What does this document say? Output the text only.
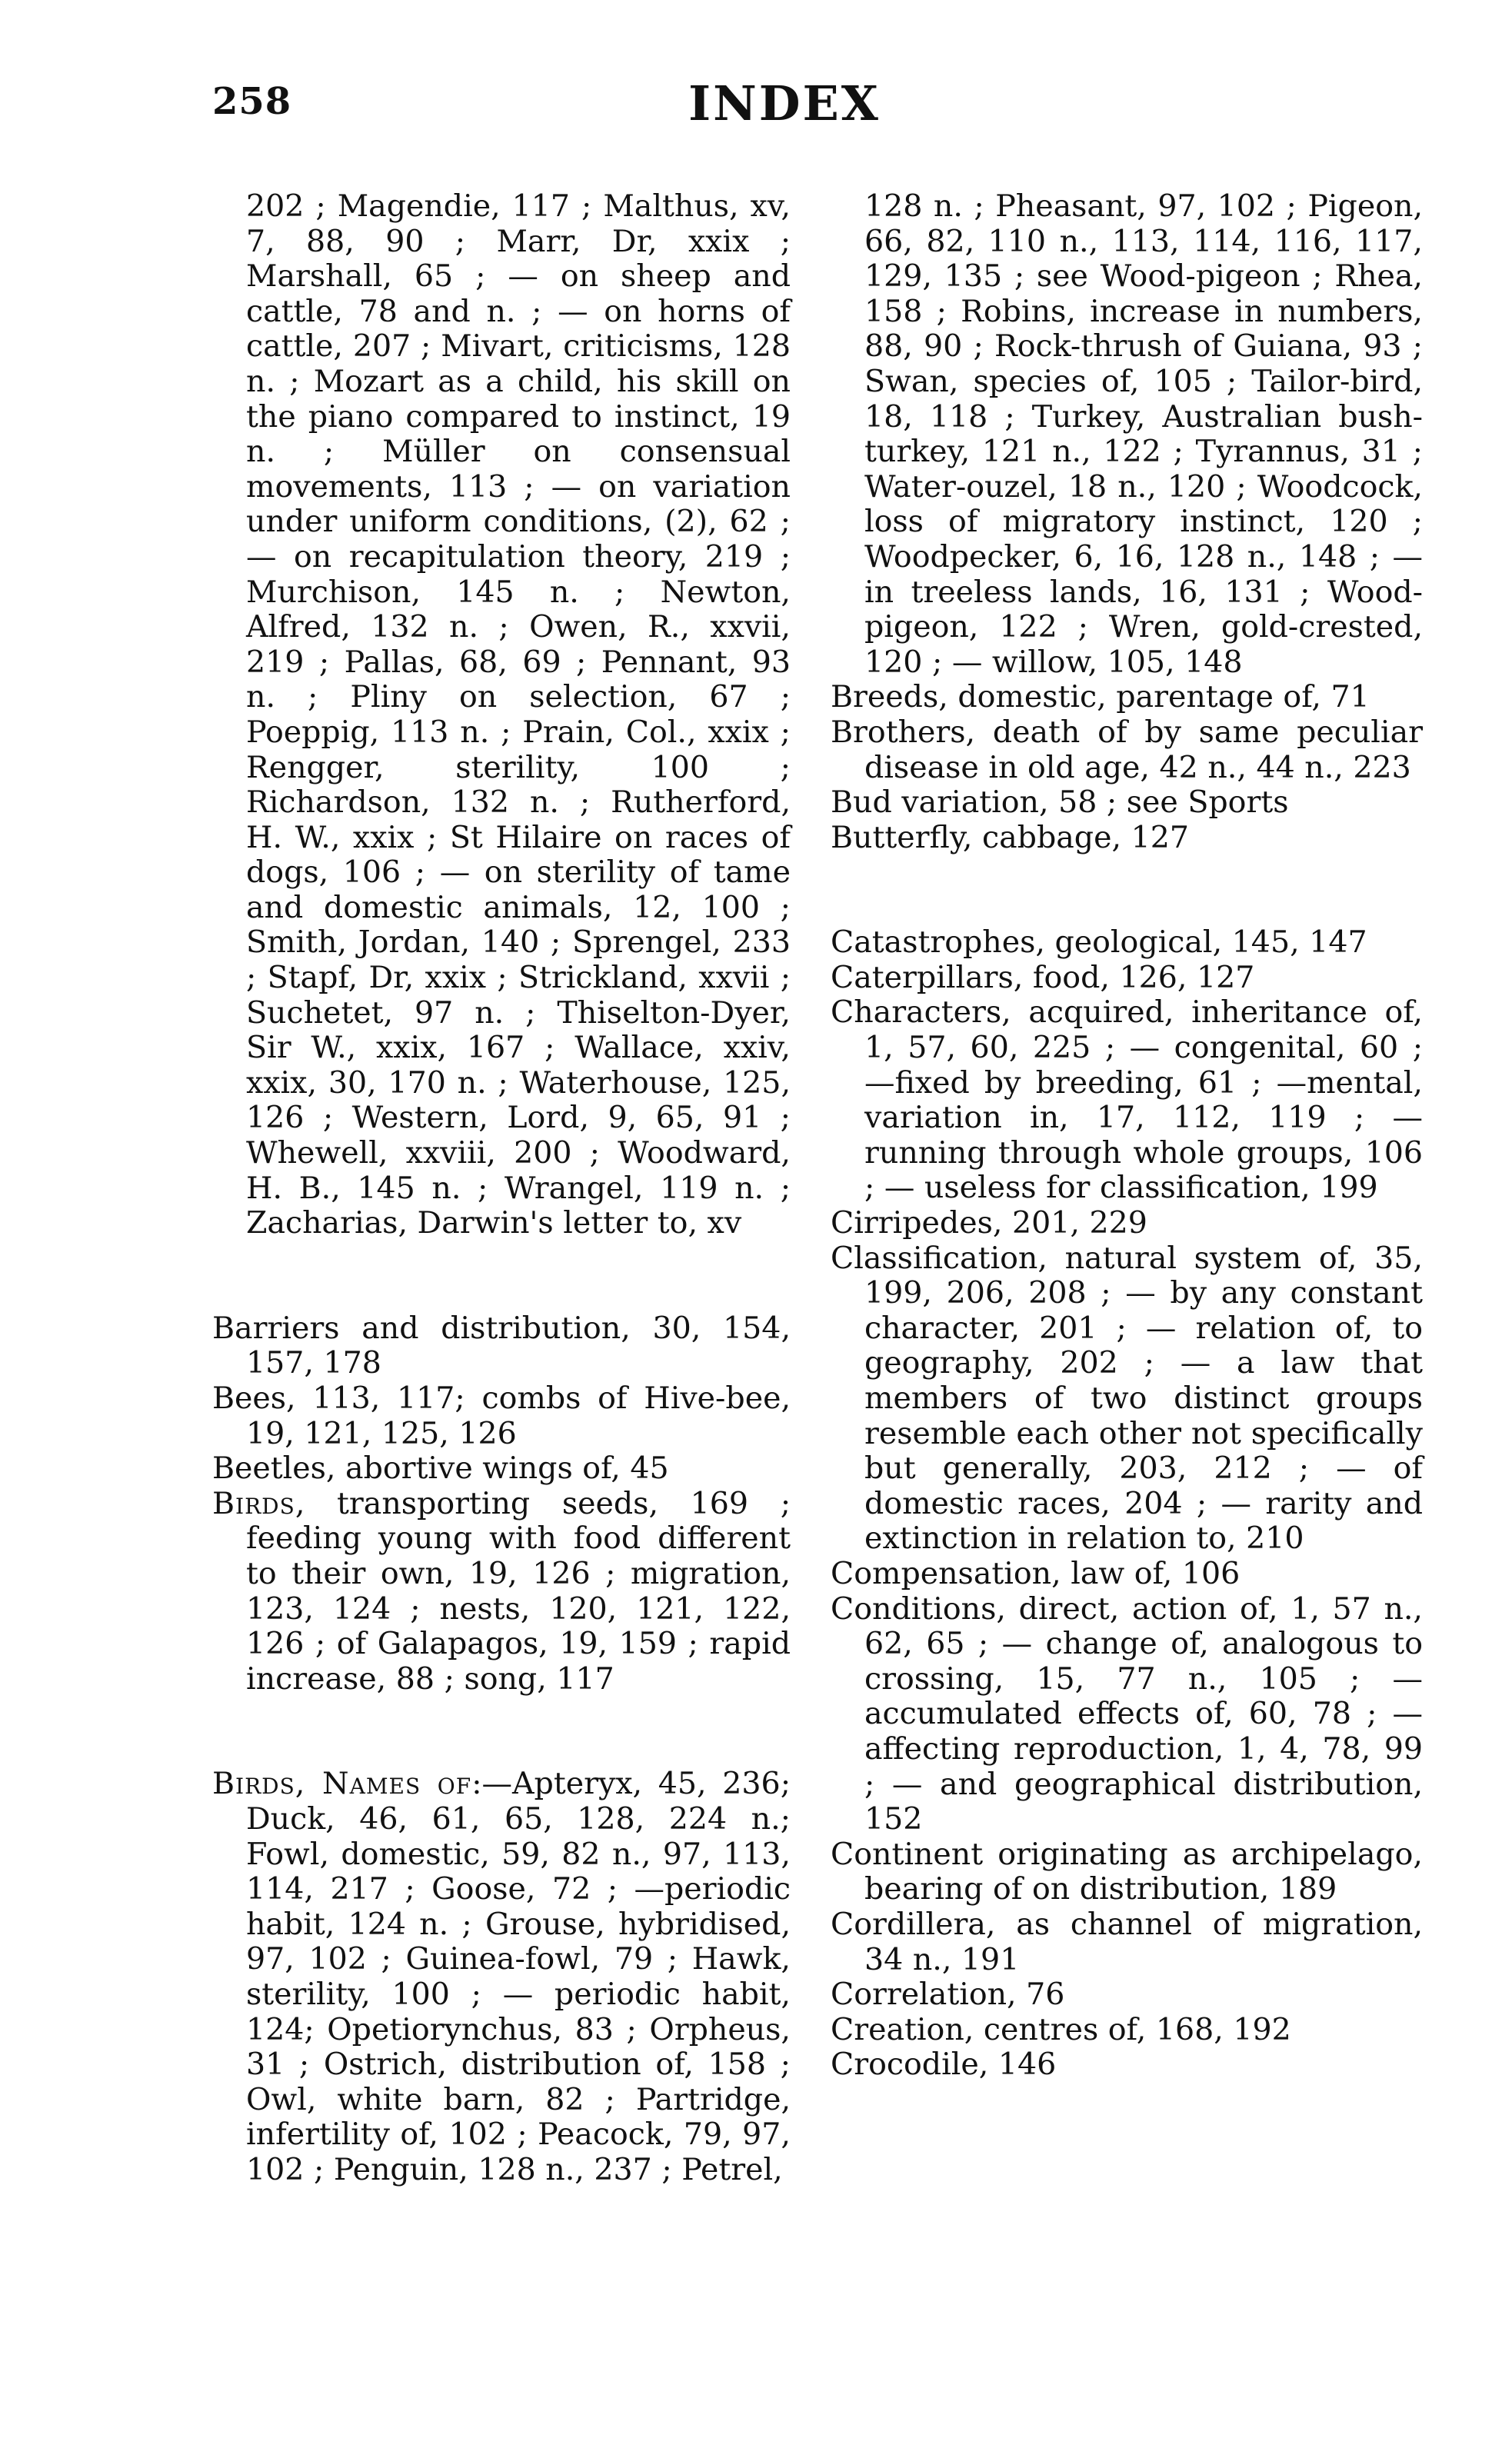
258	INDEX

202 ; Magendie, 117 ; Malthus, xv, 7, 88, 90 ; Marr, Dr, xxix ; Marshall, 65 ; — on sheep and cattle, 78 and n. ; — on horns of cattle, 207 ; Mivart, criticisms, 128 n. ; Mozart as a child, his skill on the piano compared to instinct, 19 n. ; Müller on consensual movements, 113 ; — on variation under uniform conditions, (2), 62 ; — on recapitulation theory, 219 ; Murchison, 145 n. ; Newton, Alfred, 132 n. ; Owen, R., xxvii, 219 ; Pallas, 68, 69 ; Pennant, 93 n. ; Pliny on selection, 67 ; Poeppig, 113 n. ; Prain, Col., xxix ; Rengger, sterility, 100 ; Richardson, 132 n. ; Rutherford, H. W., xxix ; St Hilaire on races of dogs, 106 ; — on sterility of tame and domestic animals, 12, 100 ; Smith, Jordan, 140 ; Sprengel, 233 ; Stapf, Dr, xxix ; Strickland, xxvii ; Suchetet, 97 n. ; Thiselton-Dyer, Sir W., xxix, 167 ; Wallace, xxiv, xxix, 30, 170 n. ; Waterhouse, 125, 126 ; Western, Lord, 9, 65, 91 ; Whewell, xxviii, 200 ; Woodward, H. B., 145 n. ; Wrangel, 119 n. ; Zacharias, Darwin's letter to, xv

Barriers and distribution, 30, 154, 157, 178

Bees, 113, 117; combs of Hive-bee, 19, 121, 125, 126

Beetles, abortive wings of, 45

Birds, transporting seeds, 169 ; feeding young with food different to their own, 19, 126 ; migration, 123, 124 ; nests, 120, 121, 122, 126 ; of Galapagos, 19, 159 ; rapid increase, 88 ; song, 117

Birds, Names of:—Apteryx, 45, 236; Duck, 46, 61, 65, 128, 224 n.; Fowl, domestic, 59, 82 n., 97, 113, 114, 217 ; Goose, 72 ; —periodic habit, 124 n. ; Grouse, hybridised, 97, 102 ; Guinea-fowl, 79 ; Hawk, sterility, 100 ; — periodic habit, 124; Opetiorynchus, 83 ; Orpheus, 31 ; Ostrich, distribution of, 158 ; Owl, white barn, 82 ; Partridge, infertility of, 102 ; Peacock, 79, 97, 102 ; Penguin, 128 n., 237 ; Petrel,

128 n. ; Pheasant, 97, 102 ; Pigeon, 66, 82, 110 n., 113, 114, 116, 117, 129, 135 ; see Wood-pigeon ; Rhea, 158 ; Robins, increase in numbers, 88, 90 ; Rock-thrush of Guiana, 93 ; Swan, species of, 105 ; Tailor-bird, 18, 118 ; Turkey, Australian bush-turkey, 121 n., 122 ; Tyrannus, 31 ; Water-ouzel, 18 n., 120 ; Woodcock, loss of migratory instinct, 120 ; Woodpecker, 6, 16, 128 n., 148 ; — in treeless lands, 16, 131 ; Wood-pigeon, 122 ; Wren, gold-crested, 120 ; — willow, 105, 148

Breeds, domestic, parentage of, 71

Brothers, death of by same peculiar disease in old age, 42 n., 44 n., 223

Bud variation, 58 ; see Sports

Butterfly, cabbage, 127

Catastrophes, geological, 145, 147

Caterpillars, food, 126, 127

Characters, acquired, inheritance of, 1, 57, 60, 225 ; — congenital, 60 ; —fixed by breeding, 61 ; —mental, variation in, 17, 112, 119 ; — running through whole groups, 106 ; — useless for classification, 199

Cirripedes, 201, 229

Classification, natural system of, 35, 199, 206, 208 ; — by any constant character, 201 ; — relation of, to geography, 202 ; — a law that members of two distinct groups resemble each other not specifically but generally, 203, 212 ; — of domestic races, 204 ; — rarity and extinction in relation to, 210

Compensation, law of, 106

Conditions, direct, action of, 1, 57 n., 62, 65 ; — change of, analogous to crossing, 15, 77 n., 105 ; — accumulated effects of, 60, 78 ; — affecting reproduction, 1, 4, 78, 99 ; — and geographical distribution, 152

Continent originating as archipelago, bearing of on distribution, 189

Cordillera, as channel of migration, 34 n., 191

Correlation, 76

Creation, centres of, 168, 192

Crocodile, 146
